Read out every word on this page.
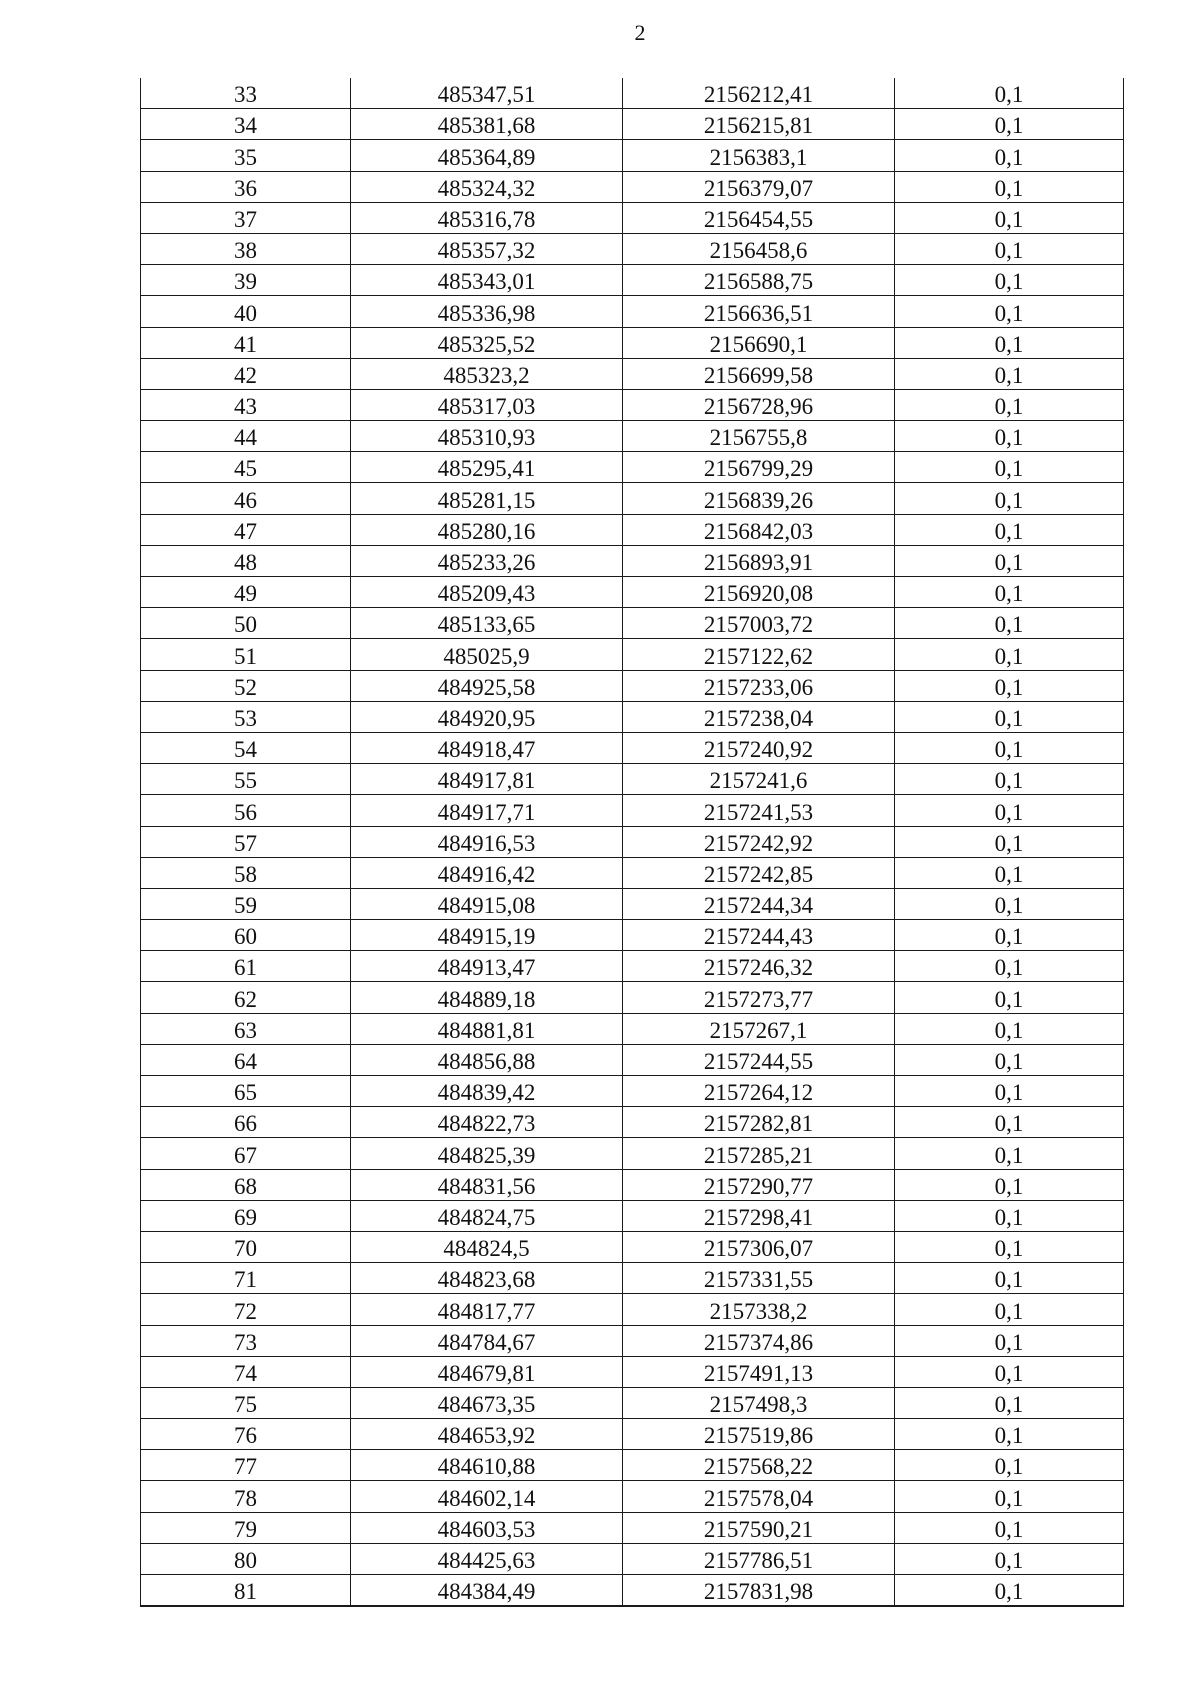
2
33	485347,51	2156212,41	0,1
34	485381,68	2156215,81	0,1
35	485364,89	2156383,1	0,1
36	485324,32	2156379,07	0,1
37	485316,78	2156454,55	0,1
38	485357,32	2156458,6	0,1
39	485343,01	2156588,75	0,1
40	485336,98	2156636,51	0,1
41	485325,52	2156690,1	0,1
42	485323,2	2156699,58	0,1
43	485317,03	2156728,96	0,1
44	485310,93	2156755,8	0,1
45	485295,41	2156799,29	0,1
46	485281,15	2156839,26	0,1
47	485280,16	2156842,03	0,1
48	485233,26	2156893,91	0,1
49	485209,43	2156920,08	0,1
50	485133,65	2157003,72	0,1
51	485025,9	2157122,62	0,1
52	484925,58	2157233,06	0,1
53	484920,95	2157238,04	0,1
54	484918,47	2157240,92	0,1
55	484917,81	2157241,6	0,1
56	484917,71	2157241,53	0,1
57	484916,53	2157242,92	0,1
58	484916,42	2157242,85	0,1
59	484915,08	2157244,34	0,1
60	484915,19	2157244,43	0,1
61	484913,47	2157246,32	0,1
62	484889,18	2157273,77	0,1
63	484881,81	2157267,1	0,1
64	484856,88	2157244,55	0,1
65	484839,42	2157264,12	0,1
66	484822,73	2157282,81	0,1
67	484825,39	2157285,21	0,1
68	484831,56	2157290,77	0,1
69	484824,75	2157298,41	0,1
70	484824,5	2157306,07	0,1
71	484823,68	2157331,55	0,1
72	484817,77	2157338,2	0,1
73	484784,67	2157374,86	0,1
74	484679,81	2157491,13	0,1
75	484673,35	2157498,3	0,1
76	484653,92	2157519,86	0,1
77	484610,88	2157568,22	0,1
78	484602,14	2157578,04	0,1
79	484603,53	2157590,21	0,1
80	484425,63	2157786,51	0,1
81	484384,49	2157831,98	0,1
